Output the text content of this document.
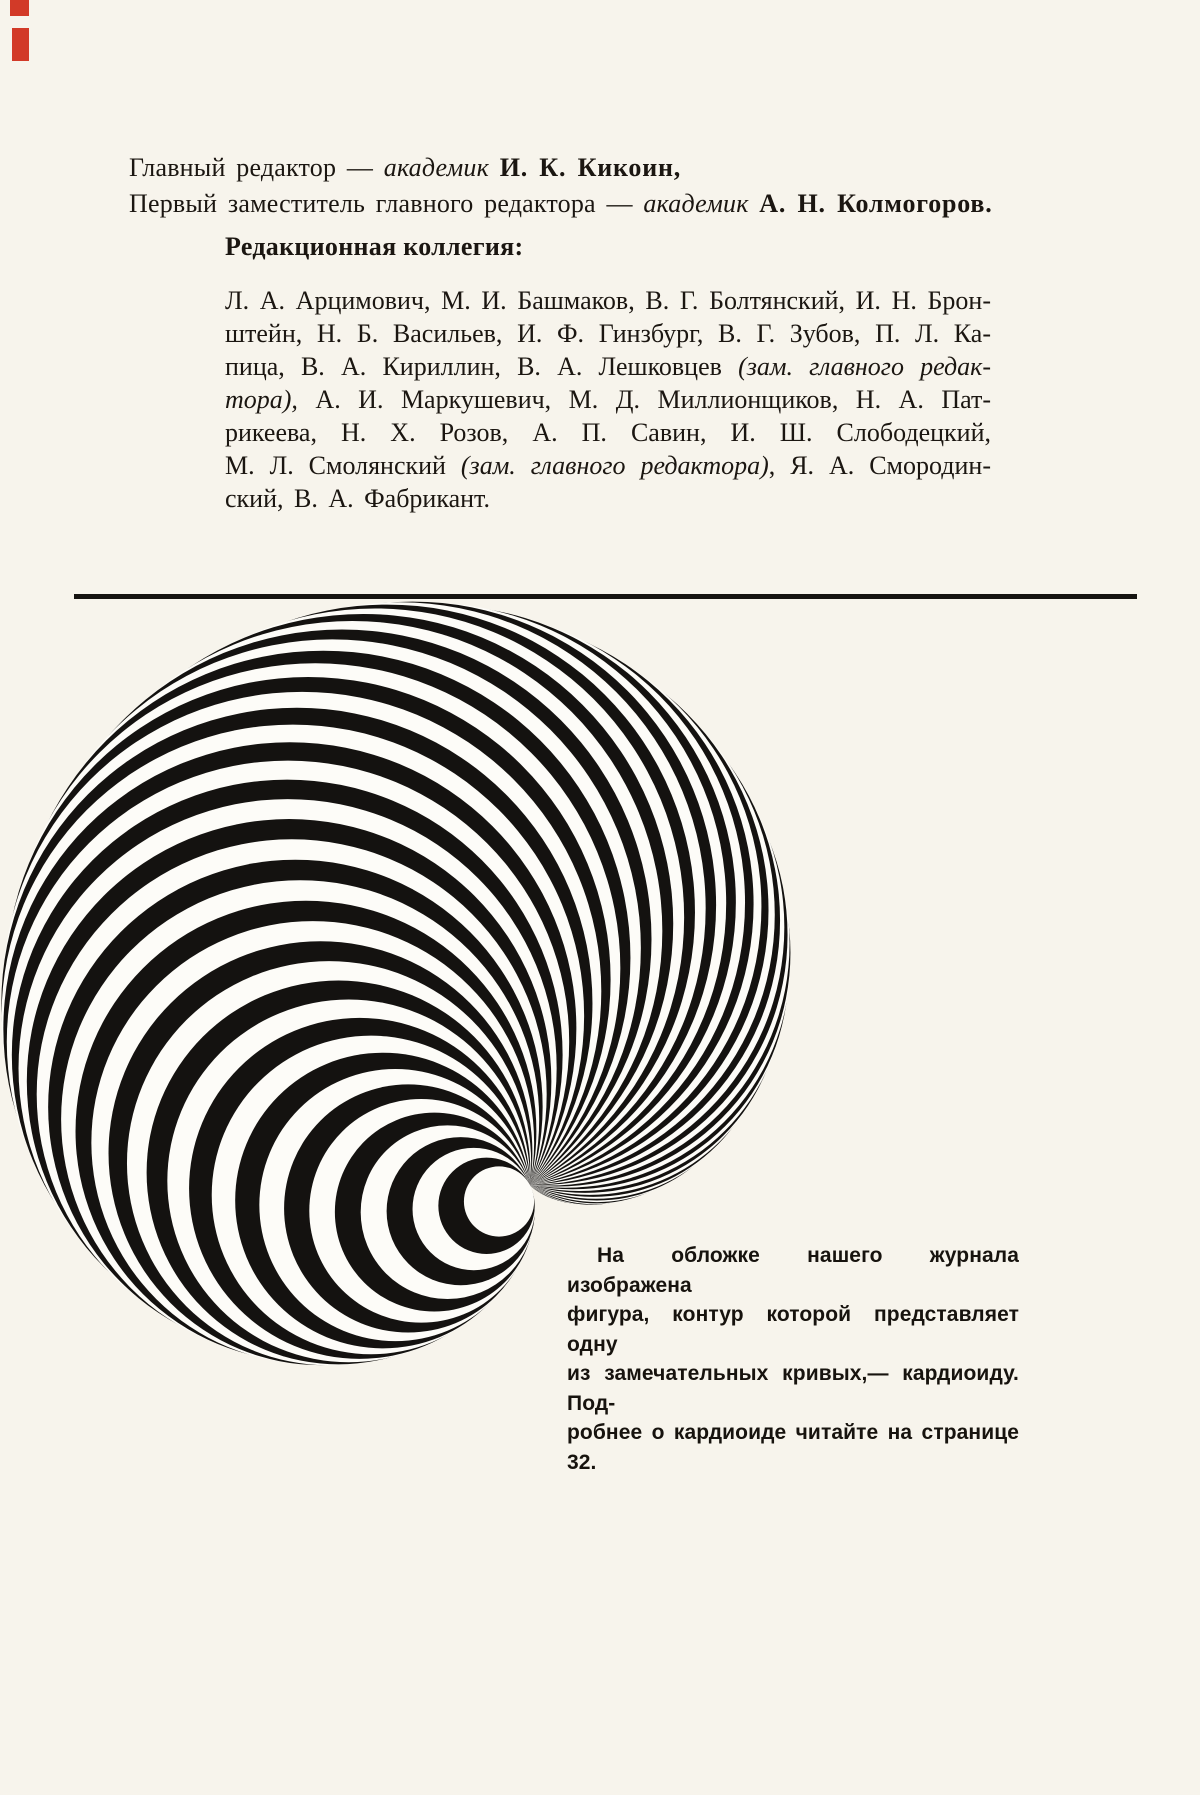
Главный редактор — академик И. К. Кикоин,
Первый заместитель главного редактора — академик А. Н. Колмогоров.
Редакционная коллегия:
Л. А. Арцимович, М. И. Башмаков, В. Г. Болтянский, И. Н. Брон-
штейн, Н. Б. Васильев, И. Ф. Гинзбург, В. Г. Зубов, П. Л. Ка-
пица, В. А. Кириллин, В. А. Лешковцев (зам. главного редак-
тора), А. И. Маркушевич, М. Д. Миллионщиков, Н. А. Пат-
рикеева, Н. Х. Розов, А. П. Савин, И. Ш. Слободецкий,
М. Л. Смолянский (зам. главного редактора), Я. А. Смородин-
ский, В. А. Фабрикант.
На обложке нашего журнала изображена
фигура, контур которой представляет одну
из замечательных кривых,— кардиоиду. Под-
робнее о кардиоиде читайте на странице 32.
